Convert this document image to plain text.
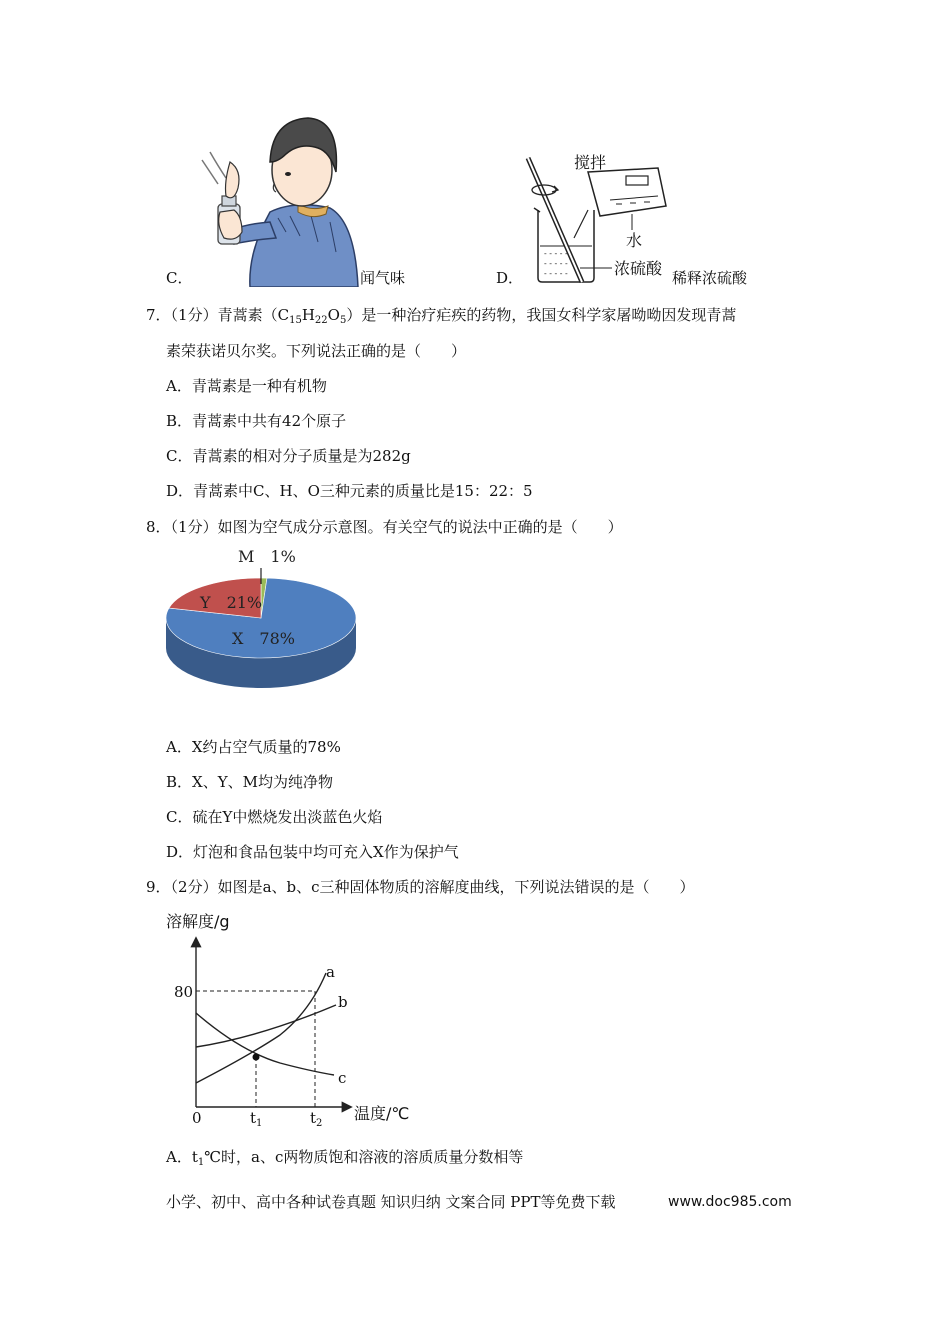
C．	闻气味	D．
- - - - -
- - - - -
- - - - -
搅拌
水
浓硫酸 稀释浓硫酸
7．（1分）青蒿素$(C_{15}H_{22}O_5)$是一种治疗疟疾的药物，我国女科学家屠呦呦因发现青蒿
素荣获诺贝尔奖。下列说法正确的是（　　）
A．青蒿素是一种有机物
B．青蒿素中共有42个原子
C．青蒿素的相对分子质量是为282g
D．青蒿素中C、H、O三种元素的质量比是15：22：5
8．（1分）如图为空气成分示意图。有关空气的说法中正确的是（　　）
X　78%
Y　21%
M　1%
A．X约占空气质量的78%
B．X、Y、M均为纯净物
C．硫在Y中燃烧发出淡蓝色火焰
D．灯泡和食品包装中均可充入X作为保护气
9．（2分）如图是a、b、c三种固体物质的溶解度曲线，下列说法错误的是（　　）
溶解度/g
温度/℃
80
0	$t_1$	$t_2$
a
b
c
A．$t_1℃$时，a、c两物质饱和溶液的溶质质量分数相等
小学、初中、高中各种试卷真题 知识归纳 文案合同 PPT等免费下载	www.doc985.com
